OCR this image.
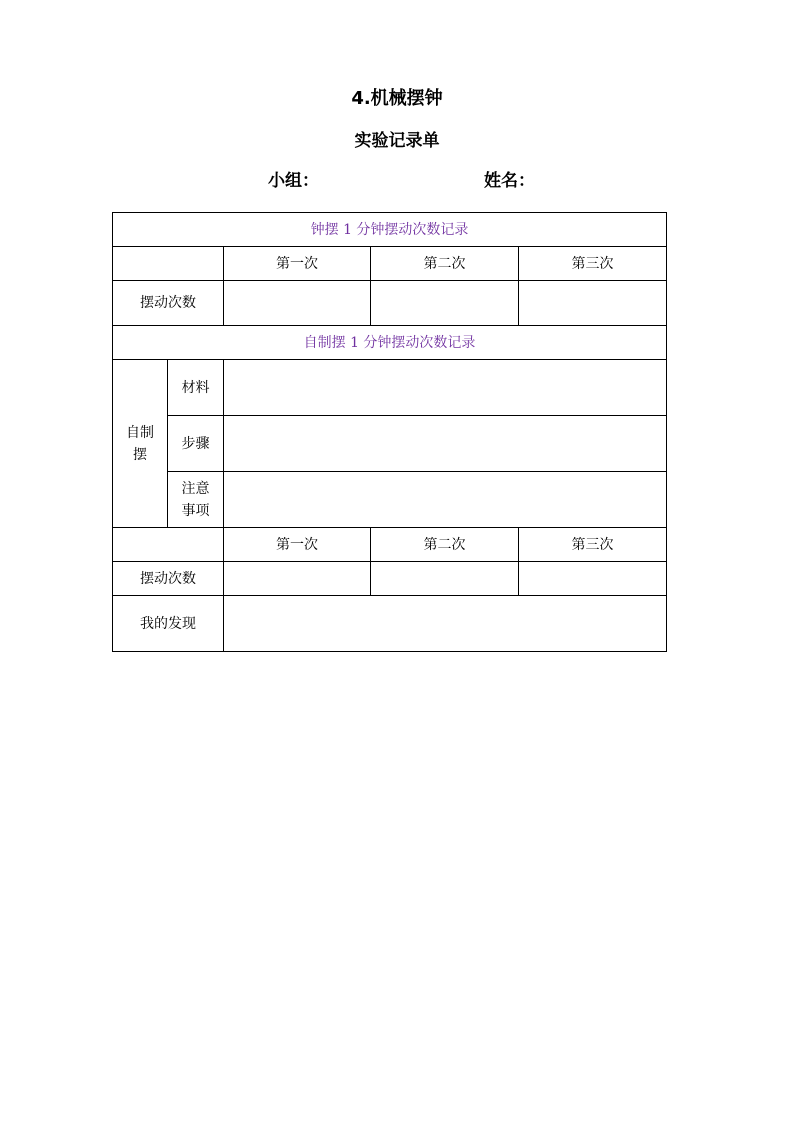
4.机械摆钟
实验记录单
小组：	姓名：
钟摆 1 分钟摆动次数记录				
		第一次	第二次	第三次
摆动次数				
自制摆 1 分钟摆动次数记录				

自制摆	材料			
	步骤			

	注意事项			

		第一次	第二次	第三次
摆动次数				
我的发现				
